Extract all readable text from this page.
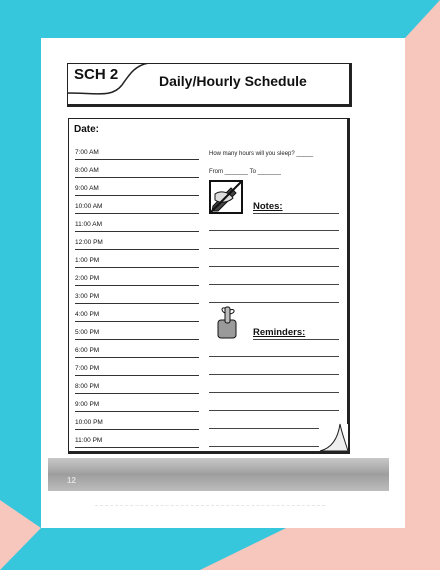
SCH 2	Daily/Hourly Schedule
Date:
7:00 AM
8:00 AM
9:00 AM
10:00 AM
11:00 AM
12:00 PM
1:00 PM
2:00 PM
3:00 PM
4:00 PM
5:00 PM
6:00 PM
7:00 PM
8:00 PM
9:00 PM
10:00 PM
11:00 PM
How many hours will you sleep? _____
From _______ To _______
Notes:
Reminders:
12
